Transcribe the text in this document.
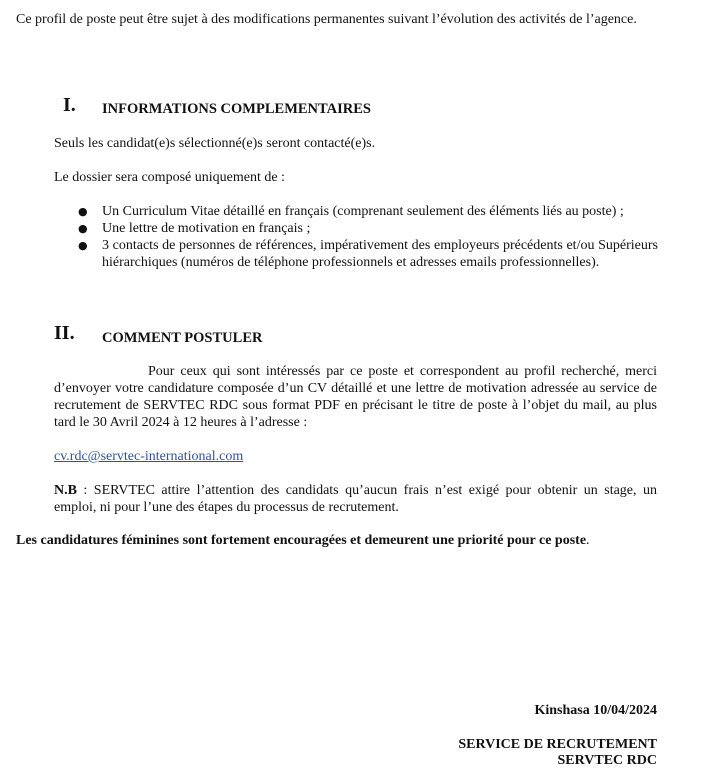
Ce profil de poste peut être sujet à des modifications permanentes suivant l’évolution des activités de l’agence.
I. INFORMATIONS COMPLEMENTAIRES
Seuls les candidat(e)s sélectionné(e)s seront contacté(e)s.
Le dossier sera composé uniquement de :
● Un Curriculum Vitae détaillé en français (comprenant seulement des éléments liés au poste) ;
● Une lettre de motivation en français ;
● 3 contacts de personnes de références, impérativement des employeurs précédents et/ou Supérieurs hiérarchiques (numéros de téléphone professionnels et adresses emails professionnelles).
II. COMMENT POSTULER
Pour ceux qui sont intéressés par ce poste et correspondent au profil recherché, merci d’envoyer votre candidature composée d’un CV détaillé et une lettre de motivation adressée au service de recrutement de SERVTEC RDC sous format PDF en précisant le titre de poste à l’objet du mail, au plus tard le 30 Avril 2024 à 12 heures à l’adresse :
cv.rdc@servtec-international.com
N.B : SERVTEC attire l’attention des candidats qu’aucun frais n’est exigé pour obtenir un stage, un emploi, ni pour l’une des étapes du processus de recrutement.
Les candidatures féminines sont fortement encouragées et demeurent une priorité pour ce poste.
Kinshasa 10/04/2024
SERVICE DE RECRUTEMENT
SERVTEC RDC
